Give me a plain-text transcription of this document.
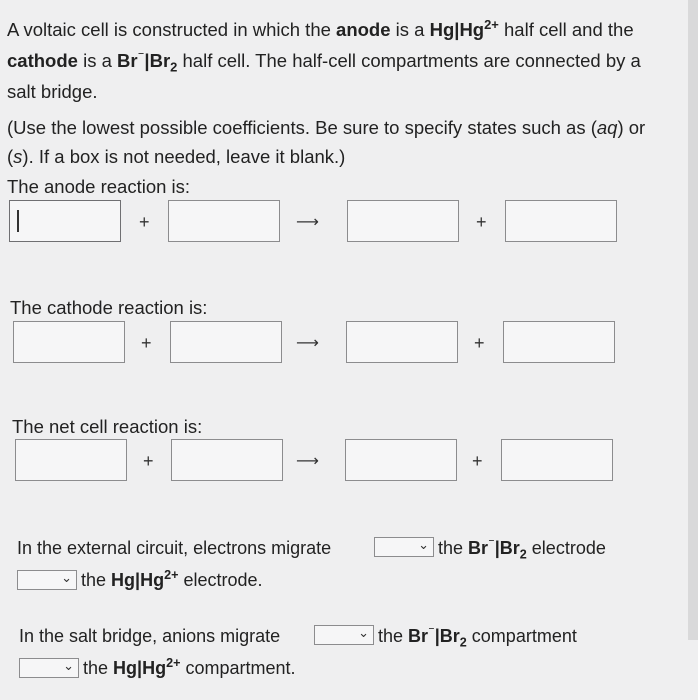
A voltaic cell is constructed in which the anode is a $Hg|Hg^{2+}$ half cell and the cathode is a $Br^{^-}|Br_2$ half cell. The half-cell compartments are connected by a salt bridge.
(Use the lowest possible coefficients. Be sure to specify states such as (aq) or (s). If a box is not needed, leave it blank.)
The anode reaction is:
+	⟶	+
The cathode reaction is:
+	⟶	+
The net cell reaction is:
+	⟶	+
In the external circuit, electrons migrate	⌄ the $Br^{^-}|Br_2$ electrode
⌄ the $Hg|Hg^{2+}$ electrode.
In the salt bridge, anions migrate	⌄ the $Br^{^-}|Br_2$ compartment
⌄ the $Hg|Hg^{2+}$ compartment.
